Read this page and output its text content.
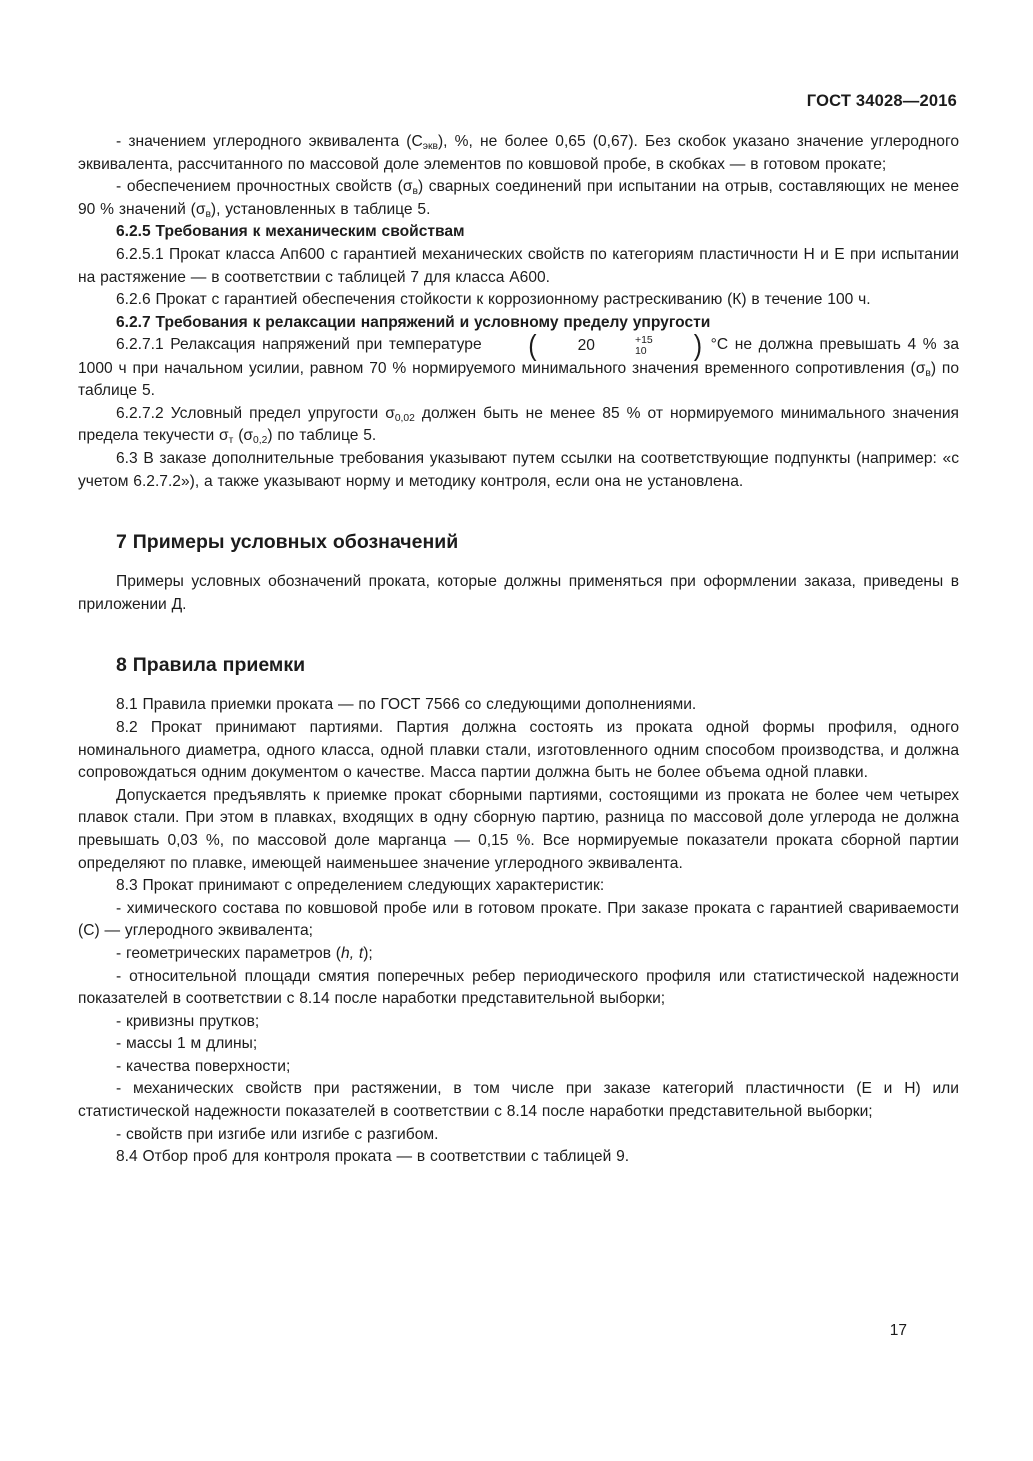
ГОСТ 34028—2016

- значением углеродного эквивалента $(С_{экв})$, %, не более 0,65 (0,67). Без скобок указано значение углеродного эквивалента, рассчитанного по массовой доле элементов по ковшовой пробе, в скобках — в готовом прокате;

- обеспечением прочностных свойств $(\sigma_в)$ сварных соединений при испытании на отрыв, составляющих не менее 90 % значений $(\sigma_в)$, установленных в таблице 5.

6.2.5 Требования к механическим свойствам

6.2.5.1 Прокат класса Ап600 с гарантией механических свойств по категориям пластичности Н и Е при испытании на растяжение — в соответствии с таблицей 7 для класса А600.

6.2.6 Прокат с гарантией обеспечения стойкости к коррозионному растрескиванию (К) в течение 100 ч.

6.2.7 Требования к релаксации напряжений и условному пределу упругости

6.2.7.1 Релаксация напряжений при температуре	(	20	+15
10	) °С не должна превышать 4 % за 1000 ч при начальном усилии, равном 70 % нормируемого минимального значения временного сопротивления $(\sigma_в)$ по таблице 5.

6.2.7.2 Условный предел упругости $\sigma_{0,02}$ должен быть не менее 85 % от нормируемого минимального значения предела текучести $\sigma_т$ $(\sigma_{0,2})$ по таблице 5.

6.3 В заказе дополнительные требования указывают путем ссылки на соответствующие подпункты (например: «с учетом 6.2.7.2»), а также указывают норму и методику контроля, если она не установлена.

7 Примеры условных обозначений

Примеры условных обозначений проката, которые должны применяться при оформлении заказа, приведены в приложении Д.

8 Правила приемки

8.1 Правила приемки проката — по ГОСТ 7566 со следующими дополнениями.

8.2 Прокат принимают партиями. Партия должна состоять из проката одной формы профиля, одного номинального диаметра, одного класса, одной плавки стали, изготовленного одним способом производства, и должна сопровождаться одним документом о качестве. Масса партии должна быть не более объема одной плавки.

Допускается предъявлять к приемке прокат сборными партиями, состоящими из проката не более чем четырех плавок стали. При этом в плавках, входящих в одну сборную партию, разница по массовой доле углерода не должна превышать 0,03 %, по массовой доле марганца — 0,15 %. Все нормируемые показатели проката сборной партии определяют по плавке, имеющей наименьшее значение углеродного эквивалента.

8.3 Прокат принимают с определением следующих характеристик:

- химического состава по ковшовой пробе или в готовом прокате. При заказе проката с гарантией свариваемости (С) — углеродного эквивалента;

- геометрических параметров (h, t);

- относительной площади смятия поперечных ребер периодического профиля или статистической надежности показателей в соответствии с 8.14 после наработки представительной выборки;

- кривизны прутков;

- массы 1 м длины;

- качества поверхности;

- механических свойств при растяжении, в том числе при заказе категорий пластичности (Е и Н) или статистической надежности показателей в соответствии с 8.14 после наработки представительной выборки;

- свойств при изгибе или изгибе с разгибом.

8.4 Отбор проб для контроля проката — в соответствии с таблицей 9.

17
